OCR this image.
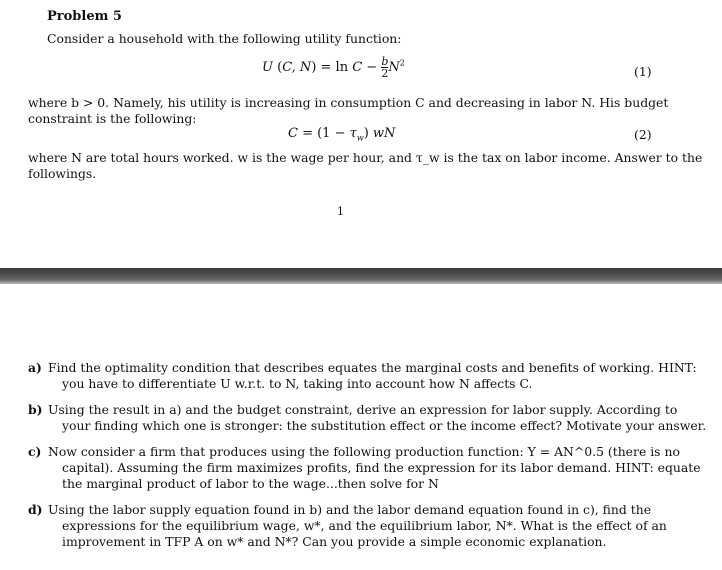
Problem 5
Consider a household with the following utility function:
U (C, $N) = \ln C - \frac{b}{2} N^2$
(1)
where b > 0. Namely, his utility is increasing in consumption C and decreasing in labor N. His budget
constraint is the following:
$C = (1 - \tau_w)$ wN	(2)
where N are total hours worked. w is the wage per hour, and τ_w is the tax on labor income. Answer to the
followings.
1
a) Find the optimality condition that describes equates the marginal costs and benefits of working. HINT:
you have to differentiate U w.r.t. to N, taking into account how N affects C.
b) Using the result in a) and the budget constraint, derive an expression for labor supply. According to
your finding which one is stronger: the substitution effect or the income effect? Motivate your answer.
c) Now consider a firm that produces using the following production function: Y = AN^0.5 (there is no
capital). Assuming the firm maximizes profits, find the expression for its labor demand. HINT: equate
the marginal product of labor to the wage...then solve for N
d) Using the labor supply equation found in b) and the labor demand equation found in c), find the
expressions for the equilibrium wage, w*, and the equilibrium labor, N*. What is the effect of an
improvement in TFP A on w* and N*? Can you provide a simple economic explanation.
